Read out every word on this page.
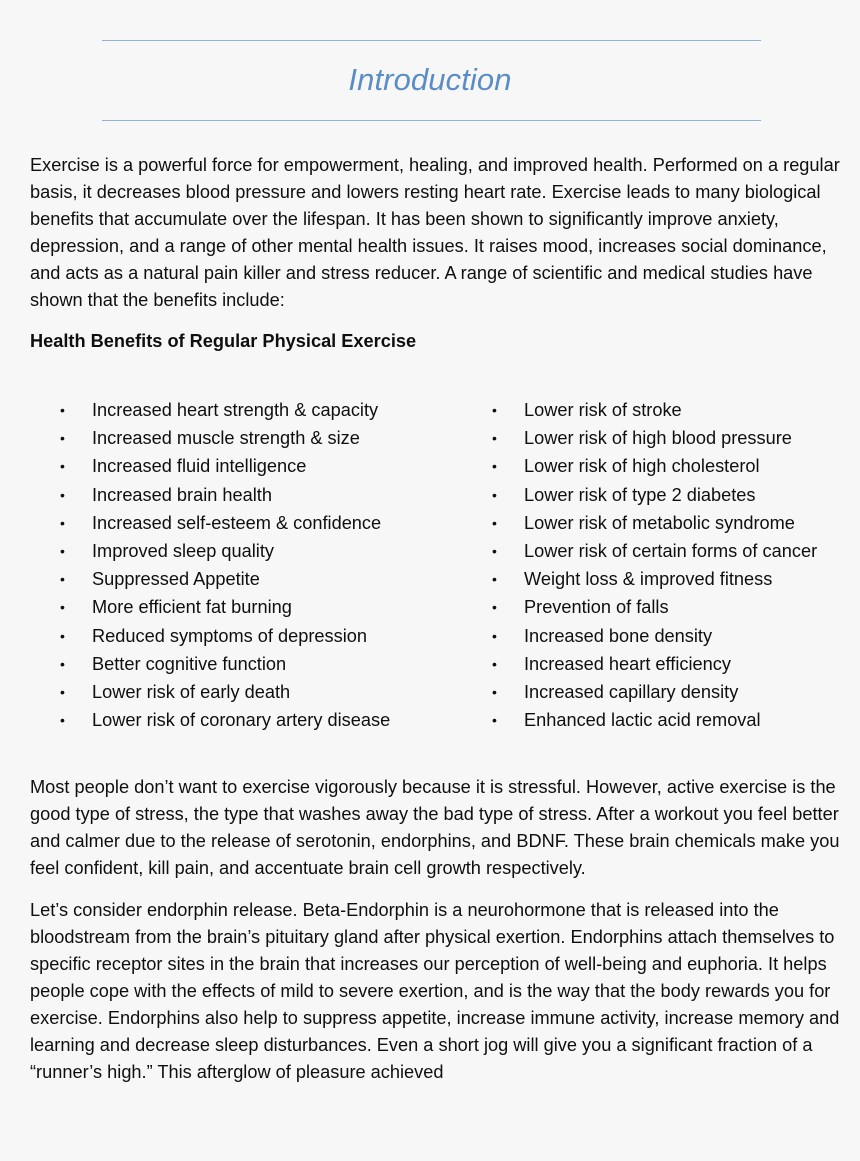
Introduction

Exercise is a powerful force for empowerment, healing, and improved health. Performed on a regular basis, it decreases blood pressure and lowers resting heart rate. Exercise leads to many biological benefits that accumulate over the lifespan. It has been shown to significantly improve anxiety, depression, and a range of other mental health issues. It raises mood, increases social dominance, and acts as a natural pain killer and stress reducer. A range of scientific and medical studies have shown that the benefits include:

Health Benefits of Regular Physical Exercise

•	Increased heart strength & capacity
•	Increased muscle strength & size
•	Increased fluid intelligence
•	Increased brain health
•	Increased self-esteem & confidence
•	Improved sleep quality
•	Suppressed Appetite
•	More efficient fat burning
•	Reduced symptoms of depression
•	Better cognitive function
•	Lower risk of early death
•	Lower risk of coronary artery disease
•	Lower risk of stroke
•	Lower risk of high blood pressure
•	Lower risk of high cholesterol
•	Lower risk of type 2 diabetes
•	Lower risk of metabolic syndrome
•	Lower risk of certain forms of cancer
•	Weight loss & improved fitness
•	Prevention of falls
•	Increased bone density
•	Increased heart efficiency
•	Increased capillary density
•	Enhanced lactic acid removal

Most people don’t want to exercise vigorously because it is stressful. However, active exercise is the good type of stress, the type that washes away the bad type of stress. After a workout you feel better and calmer due to the release of serotonin, endorphins, and BDNF. These brain chemicals make you feel confident, kill pain, and accentuate brain cell growth respectively.

Let’s consider endorphin release. Beta-Endorphin is a neurohormone that is released into the bloodstream from the brain’s pituitary gland after physical exertion. Endorphins attach themselves to specific receptor sites in the brain that increases our perception of well-being and euphoria. It helps people cope with the effects of mild to severe exertion, and is the way that the body rewards you for exercise. Endorphins also help to suppress appetite, increase immune activity, increase memory and learning and decrease sleep disturbances. Even a short jog will give you a significant fraction of a “runner’s high.” This afterglow of pleasure achieved
